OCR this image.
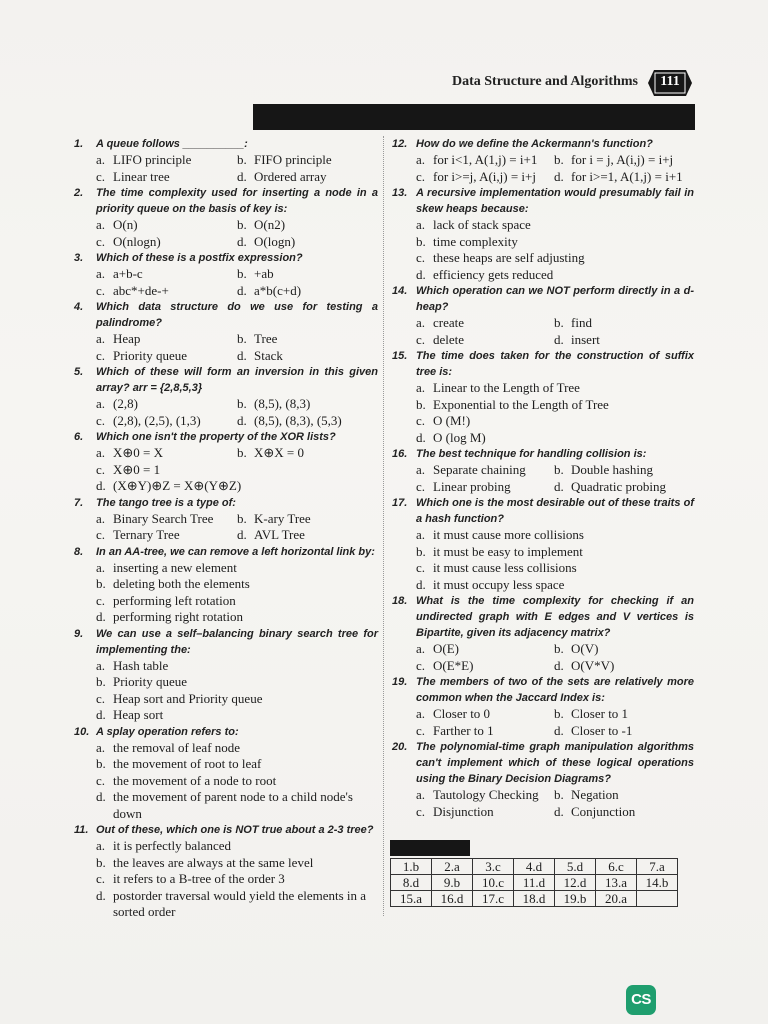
Data Structure and Algorithms	111
1. A queue follows __________:
a. LIFO principle	b. FIFO principle
c. Linear tree	d. Ordered array
2. The time complexity used for inserting a node in a priority queue on the basis of key is:
a. O(n)	b. O(n2)
c. O(nlogn)	d. O(logn)
3. Which of these is a postfix expression?
a. a+b-c	b. +ab
c. abc*+de-+	d. a*b(c+d)
4. Which data structure do we use for testing a palindrome?
a. Heap	b. Tree
c. Priority queue	d. Stack
5. Which of these will form an inversion in this given array? arr = {2,8,5,3}
a. (2,8)	b. (8,5), (8,3)
c. (2,8), (2,5), (1,3)	d. (8,5), (8,3), (5,3)
6. Which one isn't the property of the XOR lists?
a. X⊕0 = X	b. X⊕X = 0
c. X⊕0 = 1
d. (X⊕Y)⊕Z = X⊕(Y⊕Z)
7. The tango tree is a type of:
a. Binary Search Tree	b. K-ary Tree
c. Ternary Tree	d. AVL Tree
8. In an AA-tree, we can remove a left horizontal link by:
a. inserting a new element
b. deleting both the elements
c. performing left rotation
d. performing right rotation
9. We can use a self–balancing binary search tree for implementing the:
a. Hash table
b. Priority queue
c. Heap sort and Priority queue
d. Heap sort
10. A splay operation refers to:
a. the removal of leaf node
b. the movement of root to leaf
c. the movement of a node to root
d. the movement of parent node to a child node's down
11. Out of these, which one is NOT true about a 2-3 tree?
a. it is perfectly balanced
b. the leaves are always at the same level
c. it refers to a B-tree of the order 3
d. postorder traversal would yield the elements in a sorted order
12. How do we define the Ackermann's function?
a. for i<1, A(1,j) = i+1	b. for i = j, A(i,j) = i+j
c. for i>=j, A(i,j) = i+j	d. for i>=1, A(1,j) = i+1
13. A recursive implementation would presumably fail in skew heaps because:
a. lack of stack space
b. time complexity
c. these heaps are self adjusting
d. efficiency gets reduced
14. Which operation can we NOT perform directly in a d-heap?
a. create	b. find
c. delete	d. insert
15. The time does taken for the construction of suffix tree is:
a. Linear to the Length of Tree
b. Exponential to the Length of Tree
c. O (M!)
d. O (log M)
16. The best technique for handling collision is:
a. Separate chaining	b. Double hashing
c. Linear probing	d. Quadratic probing
17. Which one is the most desirable out of these traits of a hash function?
a. it must cause more collisions
b. it must be easy to implement
c. it must cause less collisions
d. it must occupy less space
18. What is the time complexity for checking if an undirected graph with E edges and V vertices is Bipartite, given its adjacency matrix?
a. O(E)	b. O(V)
c. O(E*E)	d. O(V*V)
19. The members of two of the sets are relatively more common when the Jaccard Index is:
a. Closer to 0	b. Closer to 1
c. Farther to 1	d. Closer to -1
20. The polynomial-time graph manipulation algorithms can't implement which of these logical operations using the Binary Decision Diagrams?
a. Tautology Checking	b. Negation
c. Disjunction	d. Conjunction
1.b	2.a	3.c	4.d	5.d	6.c	7.a
8.d	9.b	10.c	11.d	12.d	13.a	14.b
15.a	16.d	17.c	18.d	19.b	20.a	
CS
